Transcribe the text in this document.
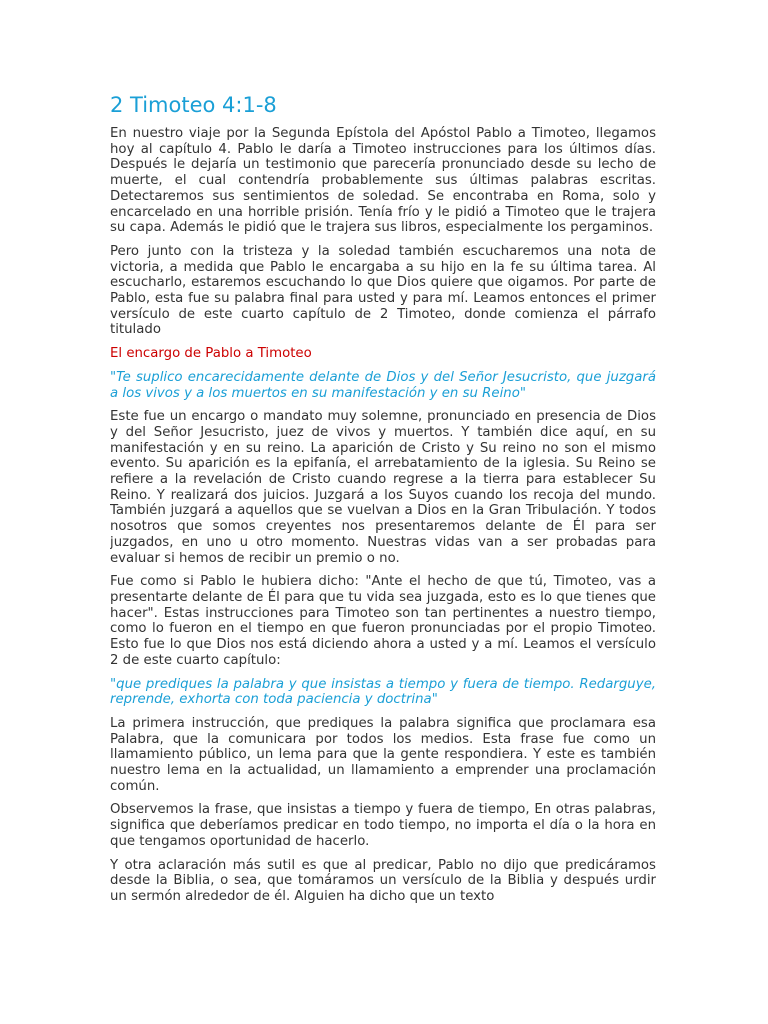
2 Timoteo 4:1-8

En nuestro viaje por la Segunda Epístola del Apóstol Pablo a Timoteo, llegamos hoy al capítulo 4. Pablo le daría a Timoteo instrucciones para los últimos días. Después le dejaría un testimonio que parecería pronunciado desde su lecho de muerte, el cual contendría probablemente sus últimas palabras escritas. Detectaremos sus sentimientos de soledad. Se encontraba en Roma, solo y encarcelado en una horrible prisión. Tenía frío y le pidió a Timoteo que le trajera su capa. Además le pidió que le trajera sus libros, especialmente los pergaminos.

Pero junto con la tristeza y la soledad también escucharemos una nota de victoria, a medida que Pablo le encargaba a su hijo en la fe su última tarea. Al escucharlo, estaremos escuchando lo que Dios quiere que oigamos. Por parte de Pablo, esta fue su palabra final para usted y para mí. Leamos entonces el primer versículo de este cuarto capítulo de 2 Timoteo, donde comienza el párrafo titulado

El encargo de Pablo a Timoteo

"Te suplico encarecidamente delante de Dios y del Señor Jesucristo, que juzgará a los vivos y a los muertos en su manifestación y en su Reino"

Este fue un encargo o mandato muy solemne, pronunciado en presencia de Dios y del Señor Jesucristo, juez de vivos y muertos. Y también dice aquí, en su manifestación y en su reino. La aparición de Cristo y Su reino no son el mismo evento. Su aparición es la epifanía, el arrebatamiento de la iglesia. Su Reino se refiere a la revelación de Cristo cuando regrese a la tierra para establecer Su Reino. Y realizará dos juicios. Juzgará a los Suyos cuando los recoja del mundo. También juzgará a aquellos que se vuelvan a Dios en la Gran Tribulación. Y todos nosotros que somos creyentes nos presentaremos delante de Él para ser juzgados, en uno u otro momento. Nuestras vidas van a ser probadas para evaluar si hemos de recibir un premio o no.

Fue como si Pablo le hubiera dicho: "Ante el hecho de que tú, Timoteo, vas a presentarte delante de Él para que tu vida sea juzgada, esto es lo que tienes que hacer". Estas instrucciones para Timoteo son tan pertinentes a nuestro tiempo, como lo fueron en el tiempo en que fueron pronunciadas por el propio Timoteo. Esto fue lo que Dios nos está diciendo ahora a usted y a mí. Leamos el versículo 2 de este cuarto capítulo:

"que prediques la palabra y que insistas a tiempo y fuera de tiempo. Redarguye, reprende, exhorta con toda paciencia y doctrina"

La primera instrucción, que prediques la palabra significa que proclamara esa Palabra, que la comunicara por todos los medios. Esta frase fue como un llamamiento público, un lema para que la gente respondiera. Y este es también nuestro lema en la actualidad, un llamamiento a emprender una proclamación común.

Observemos la frase, que insistas a tiempo y fuera de tiempo, En otras palabras, significa que deberíamos predicar en todo tiempo, no importa el día o la hora en que tengamos oportunidad de hacerlo.

Y otra aclaración más sutil es que al predicar, Pablo no dijo que predicáramos desde la Biblia, o sea, que tomáramos un versículo de la Biblia y después urdir un sermón alrededor de él. Alguien ha dicho que un texto
